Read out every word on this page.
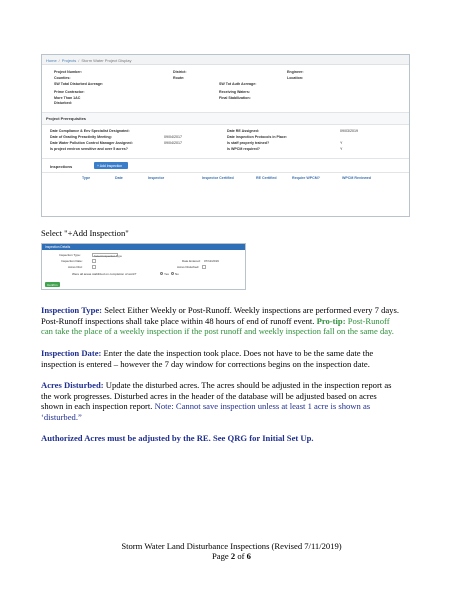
Home / Projects / Storm Water Project Display
Project Number:	District:	Engineer:
Counties:	Route:	Location:
SW Total Disturbed Acreage:	SW Tot Auth Acreage:
Prime Contractor:	Receiving Waters:
More Than 1AC	Final Stabilization:
Disturbed:
Project Prerequisites
Date Compliance & Env Specialist Designated:	Date RE Assigned:	09/03/2019
Date of Grading Preactivity Meeting:	09/04/2017	Date Inspection Protocols in Place:
Date Water Pollution Control Manager Assigned:	09/04/2017	Is staff properly trained?	Y
Is project environ sensitive and over 5 acres?	Is WPCM required?	Y
Inspections	+ Add Inspection
Type	Date	Inspector	Inspector Certified	RE Certified	Require WPCM?	WPCM Reviewed
Select "+Add Inspection"
Inspection Details
Inspection Type:	Select Inspection Type
Inspection Date:	Date Entered: 07/11/2019
Acres Dist:	Acres Disturbed:
Were all areas stabilized on completion of work?	Yes No
Confirm
Inspection Type: Select Either Weekly or Post-Runoff. Weekly inspections are performed every 7 days.
Post-Runoff inspections shall take place within 48 hours of end of runoff event. Pro-tip: Post-Runoff
can take the place of a weekly inspection if the post runoff and weekly inspection fall on the same day.
Inspection Date: Enter the date the inspection took place. Does not have to be the same date the
inspection is entered – however the 7 day window for corrections begins on the inspection date.
Acres Disturbed: Update the disturbed acres. The acres should be adjusted in the inspection report as
the work progresses. Disturbed acres in the header of the database will be adjusted based on acres
shown in each inspection report. Note: Cannot save inspection unless at least 1 acre is shown as
‘disturbed.”
Authorized Acres must be adjusted by the RE. See QRG for Initial Set Up.
Storm Water Land Disturbance Inspections (Revised 7/11/2019)
Page 2 of 6
